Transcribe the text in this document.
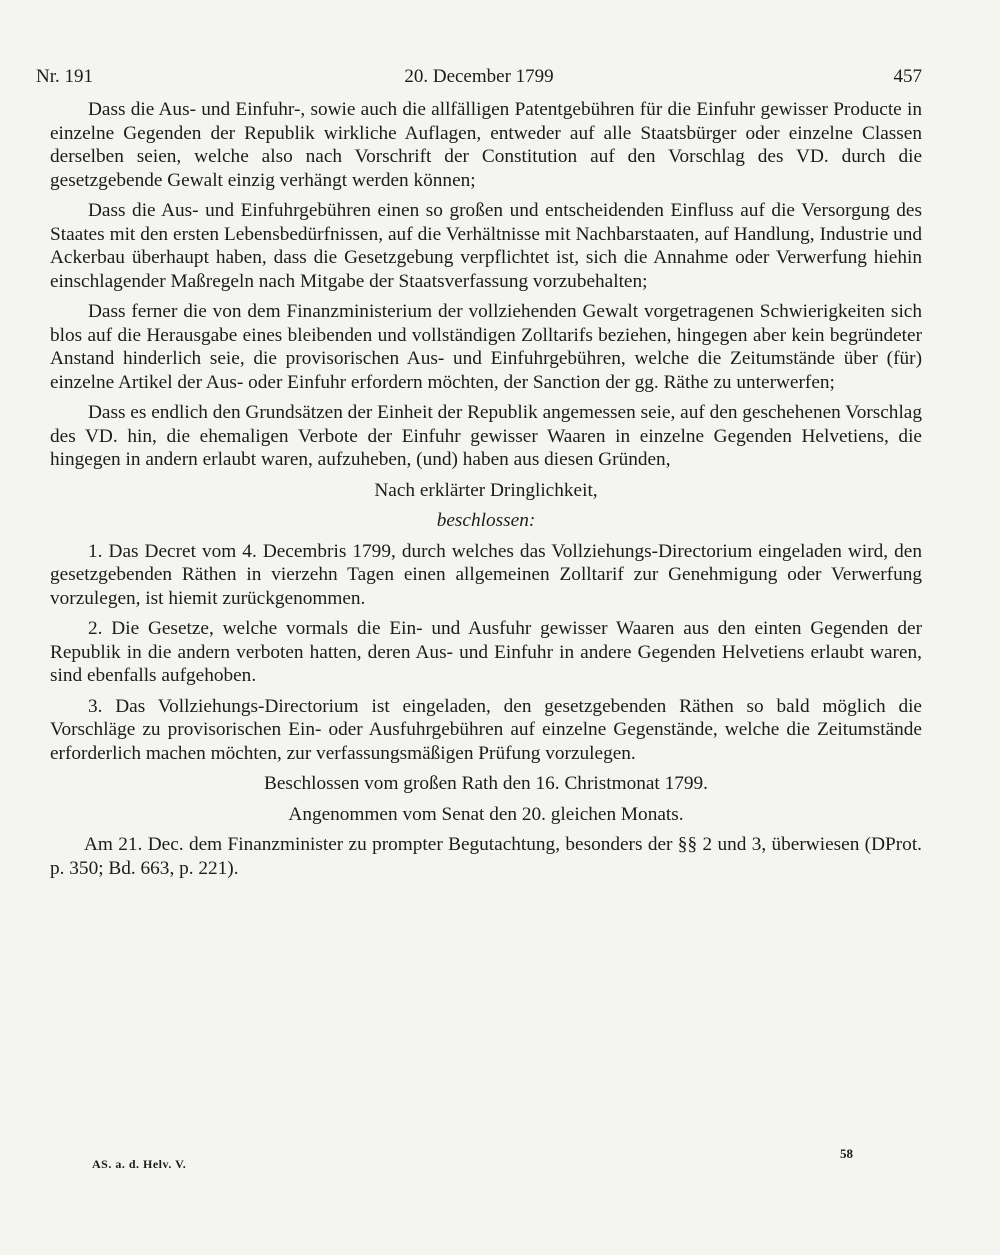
Nr. 191	20. December 1799	457

Dass die Aus- und Einfuhr-, sowie auch die allfälligen Patentgebühren für die Einfuhr gewisser Producte in einzelne Gegenden der Republik wirkliche Auflagen, entweder auf alle Staatsbürger oder einzelne Classen derselben seien, welche also nach Vorschrift der Constitution auf den Vorschlag des VD. durch die gesetzgebende Gewalt einzig verhängt werden können;

Dass die Aus- und Einfuhrgebühren einen so großen und entscheidenden Einfluss auf die Versorgung des Staates mit den ersten Lebensbedürfnissen, auf die Verhältnisse mit Nachbarstaaten, auf Handlung, Industrie und Ackerbau überhaupt haben, dass die Gesetzgebung verpflichtet ist, sich die Annahme oder Verwerfung hiehin einschlagender Maßregeln nach Mitgabe der Staatsverfassung vorzubehalten;

Dass ferner die von dem Finanzministerium der vollziehenden Gewalt vorgetragenen Schwierigkeiten sich blos auf die Herausgabe eines bleibenden und vollständigen Zolltarifs beziehen, hingegen aber kein begründeter Anstand hinderlich seie, die provisorischen Aus- und Einfuhrgebühren, welche die Zeitumstände über (für) einzelne Artikel der Aus- oder Einfuhr erfordern möchten, der Sanction der gg. Räthe zu unterwerfen;

Dass es endlich den Grundsätzen der Einheit der Republik angemessen seie, auf den geschehenen Vorschlag des VD. hin, die ehemaligen Verbote der Einfuhr gewisser Waaren in einzelne Gegenden Helvetiens, die hingegen in andern erlaubt waren, aufzuheben, (und) haben aus diesen Gründen,

Nach erklärter Dringlichkeit,

beschlossen:

1. Das Decret vom 4. Decembris 1799, durch welches das Vollziehungs-Directorium eingeladen wird, den gesetzgebenden Räthen in vierzehn Tagen einen allgemeinen Zolltarif zur Genehmigung oder Verwerfung vorzulegen, ist hiemit zurückgenommen.

2. Die Gesetze, welche vormals die Ein- und Ausfuhr gewisser Waaren aus den einten Gegenden der Republik in die andern verboten hatten, deren Aus- und Einfuhr in andere Gegenden Helvetiens erlaubt waren, sind ebenfalls aufgehoben.

3. Das Vollziehungs-Directorium ist eingeladen, den gesetzgebenden Räthen so bald möglich die Vorschläge zu provisorischen Ein- oder Ausfuhrgebühren auf einzelne Gegenstände, welche die Zeitumstände erforderlich machen möchten, zur verfassungsmäßigen Prüfung vorzulegen.

Beschlossen vom großen Rath den 16. Christmonat 1799.

Angenommen vom Senat den 20. gleichen Monats.

Am 21. Dec. dem Finanzminister zu prompter Begutachtung, besonders der §§ 2 und 3, überwiesen (DProt. p. 350; Bd. 663, p. 221).

AS. a. d. Helv. V.
58
